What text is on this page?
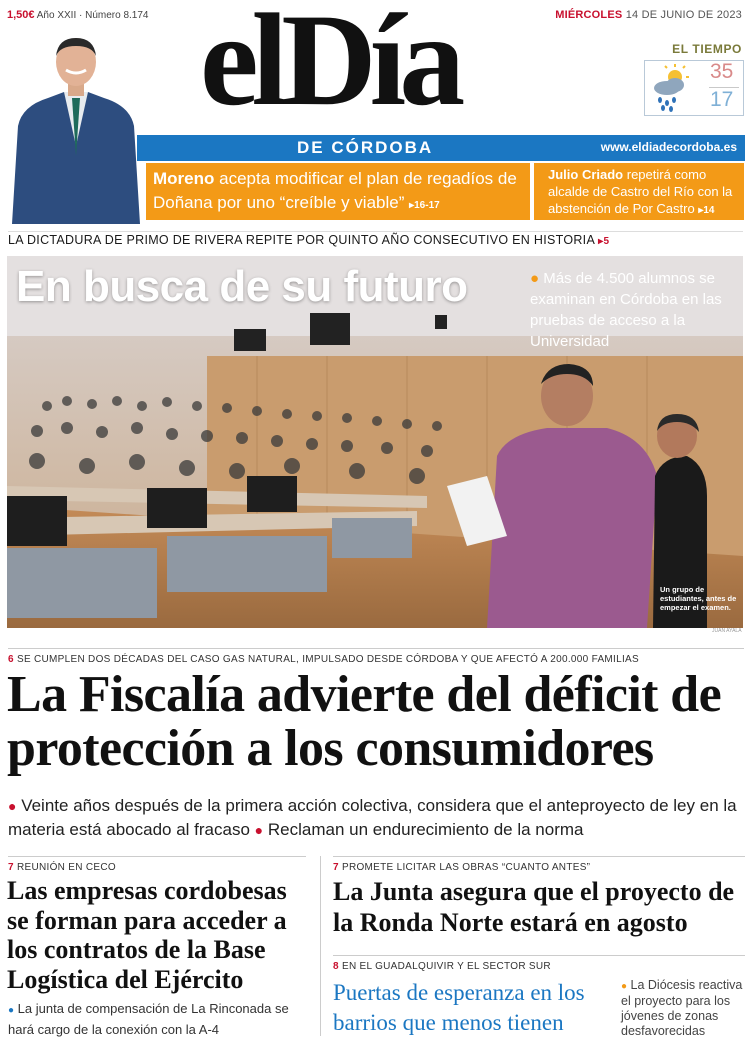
1,50€ Año XXII · Número 8.174	MIÉRCOLES 14 DE JUNIO DE 2023
elDía	EL TIEMPO
35
17
DE CÓRDOBA	www.eldiadecordoba.es
Moreno acepta modificar el plan de regadíos de Doñana por uno “creíble y viable” ▸16-17
Julio Criado repetirá como alcalde de Castro del Río con la abstención de Por Castro ▸14
LA DICTADURA DE PRIMO DE RIVERA REPITE POR QUINTO AÑO CONSECUTIVO EN HISTORIA ▸5
En busca de su futuro	● Más de 4.500 alumnos se examinan en Córdoba en las pruebas de acceso a la Universidad
Un grupo de estudiantes, antes de empezar el examen.
JUAN AYALA
6 SE CUMPLEN DOS DÉCADAS DEL CASO GAS NATURAL, IMPULSADO DESDE CÓRDOBA Y QUE AFECTÓ A 200.000 FAMILIAS
La Fiscalía advierte del déficit de protección a los consumidores
● Veinte años después de la primera acción colectiva, considera que el anteproyecto de ley en la materia está abocado al fracaso ● Reclaman un endurecimiento de la norma
7 REUNIÓN EN CECO
Las empresas cordobesas se forman para acceder a los contratos de la Base Logística del Ejército
● La junta de compensación de La Rinconada se hará cargo de la conexión con la A-4
7 PROMETE LICITAR LAS OBRAS “CUANTO ANTES”
La Junta asegura que el proyecto de la Ronda Norte estará en agosto
8 EN EL GUADALQUIVIR Y EL SECTOR SUR
Puertas de esperanza en los barrios que menos tienen
● La Diócesis reactiva el proyecto para los jóvenes de zonas desfavorecidas
